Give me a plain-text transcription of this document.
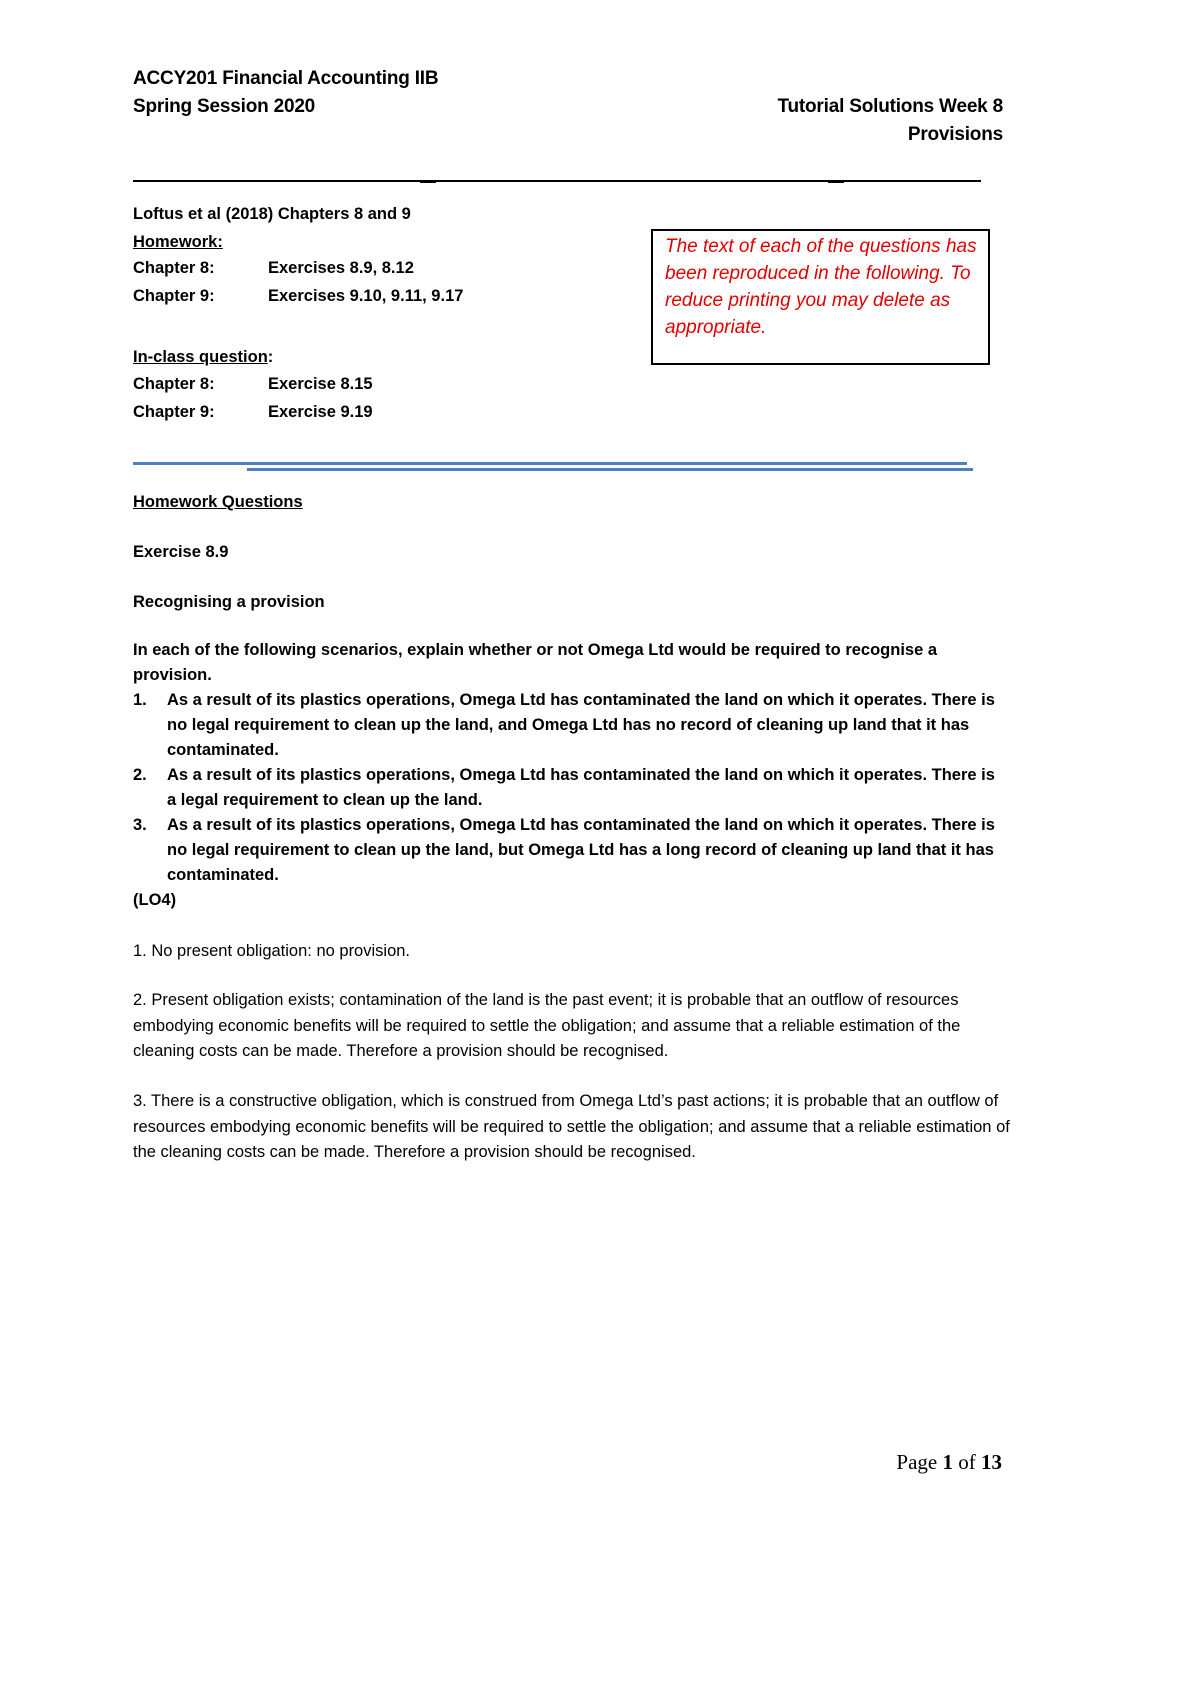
ACCY201 Financial Accounting IIB
Spring Session 2020	Tutorial Solutions Week 8
Provisions
Loftus et al (2018) Chapters 8 and 9
Homework:
Chapter 8:	Exercises 8.9, 8.12
Chapter 9:	Exercises 9.10, 9.11, 9.17
In-class question:
Chapter 8:	Exercise 8.15
Chapter 9:	Exercise 9.19
The text of each of the questions has been reproduced in the following. To reduce printing you may delete as appropriate.
Homework Questions
Exercise 8.9
Recognising a provision
In each of the following scenarios, explain whether or not Omega Ltd would be required to recognise a provision.
1. As a result of its plastics operations, Omega Ltd has contaminated the land on which it operates. There is no legal requirement to clean up the land, and Omega Ltd has no record of cleaning up land that it has contaminated.
2. As a result of its plastics operations, Omega Ltd has contaminated the land on which it operates. There is a legal requirement to clean up the land.
3. As a result of its plastics operations, Omega Ltd has contaminated the land on which it operates. There is no legal requirement to clean up the land, but Omega Ltd has a long record of cleaning up land that it has contaminated.
(LO4)
1. No present obligation: no provision.
2. Present obligation exists; contamination of the land is the past event; it is probable that an outflow of resources embodying economic benefits will be required to settle the obligation; and assume that a reliable estimation of the cleaning costs can be made. Therefore a provision should be recognised.
3. There is a constructive obligation, which is construed from Omega Ltd’s past actions; it is probable that an outflow of resources embodying economic benefits will be required to settle the obligation; and assume that a reliable estimation of the cleaning costs can be made. Therefore a provision should be recognised.
Page 1 of 13
